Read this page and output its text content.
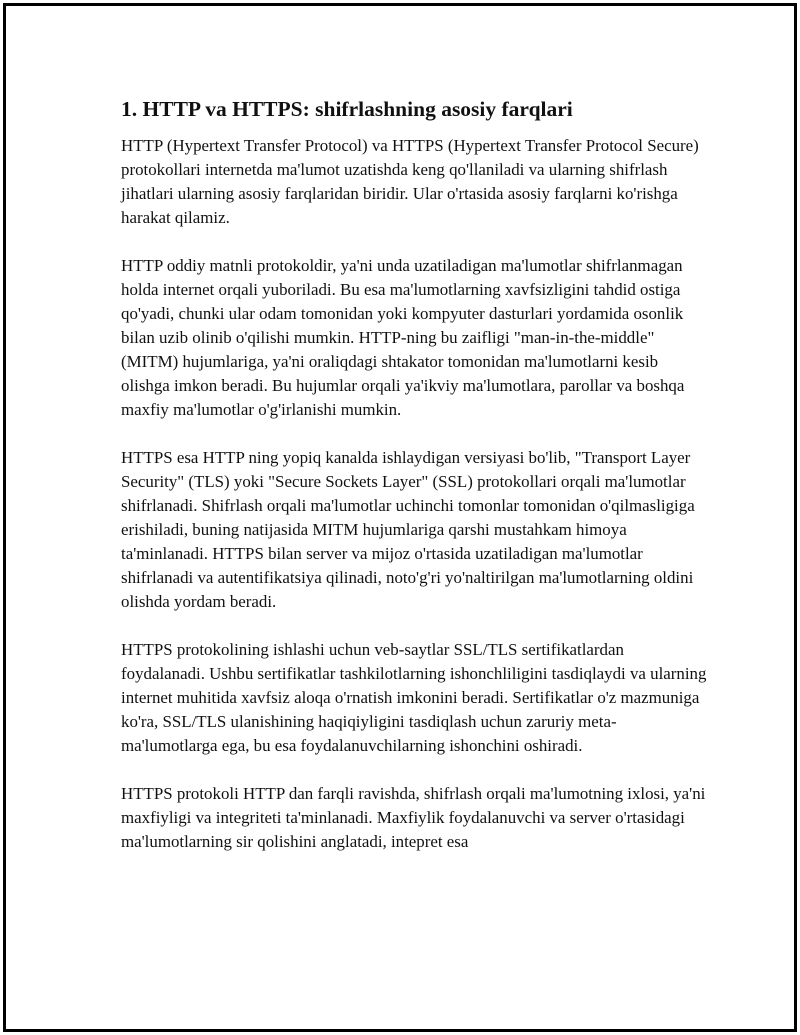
1. HTTP va HTTPS: shifrlashning asosiy farqlari

HTTP (Hypertext Transfer Protocol) va HTTPS (Hypertext Transfer Protocol Secure) protokollari internetda ma'lumot uzatishda keng qo'llaniladi va ularning shifrlash jihatlari ularning asosiy farqlaridan biridir. Ular o'rtasida asosiy farqlarni ko'rishga harakat qilamiz.

HTTP oddiy matnli protokoldir, ya'ni unda uzatiladigan ma'lumotlar shifrlanmagan holda internet orqali yuboriladi. Bu esa ma'lumotlarning xavfsizligini tahdid ostiga qo'yadi, chunki ular odam tomonidan yoki kompyuter dasturlari yordamida osonlik bilan uzib olinib o'qilishi mumkin. HTTP-ning bu zaifligi "man-in-the-middle" (MITM) hujumlariga, ya'ni oraliqdagi shtakator tomonidan ma'lumotlarni kesib olishga imkon beradi. Bu hujumlar orqali ya'ikviy ma'lumotlara, parollar va boshqa maxfiy ma'lumotlar o'g'irlanishi mumkin.

HTTPS esa HTTP ning yopiq kanalda ishlaydigan versiyasi bo'lib, "Transport Layer Security" (TLS) yoki "Secure Sockets Layer" (SSL) protokollari orqali ma'lumotlar shifrlanadi. Shifrlash orqali ma'lumotlar uchinchi tomonlar tomonidan o'qilmasligiga erishiladi, buning natijasida MITM hujumlariga qarshi mustahkam himoya ta'minlanadi. HTTPS bilan server va mijoz o'rtasida uzatiladigan ma'lumotlar shifrlanadi va autentifikatsiya qilinadi, noto'g'ri yo'naltirilgan ma'lumotlarning oldini olishda yordam beradi.

HTTPS protokolining ishlashi uchun veb-saytlar SSL/TLS sertifikatlardan foydalanadi. Ushbu sertifikatlar tashkilotlarning ishonchliligini tasdiqlaydi va ularning internet muhitida xavfsiz aloqa o'rnatish imkonini beradi. Sertifikatlar o'z mazmuniga ko'ra, SSL/TLS ulanishining haqiqiyligini tasdiqlash uchun zaruriy meta-ma'lumotlarga ega, bu esa foydalanuvchilarning ishonchini oshiradi.

HTTPS protokoli HTTP dan farqli ravishda, shifrlash orqali ma'lumotning ixlosi, ya'ni maxfiyligi va integriteti ta'minlanadi. Maxfiylik foydalanuvchi va server o'rtasidagi ma'lumotlarning sir qolishini anglatadi, intepret esa
